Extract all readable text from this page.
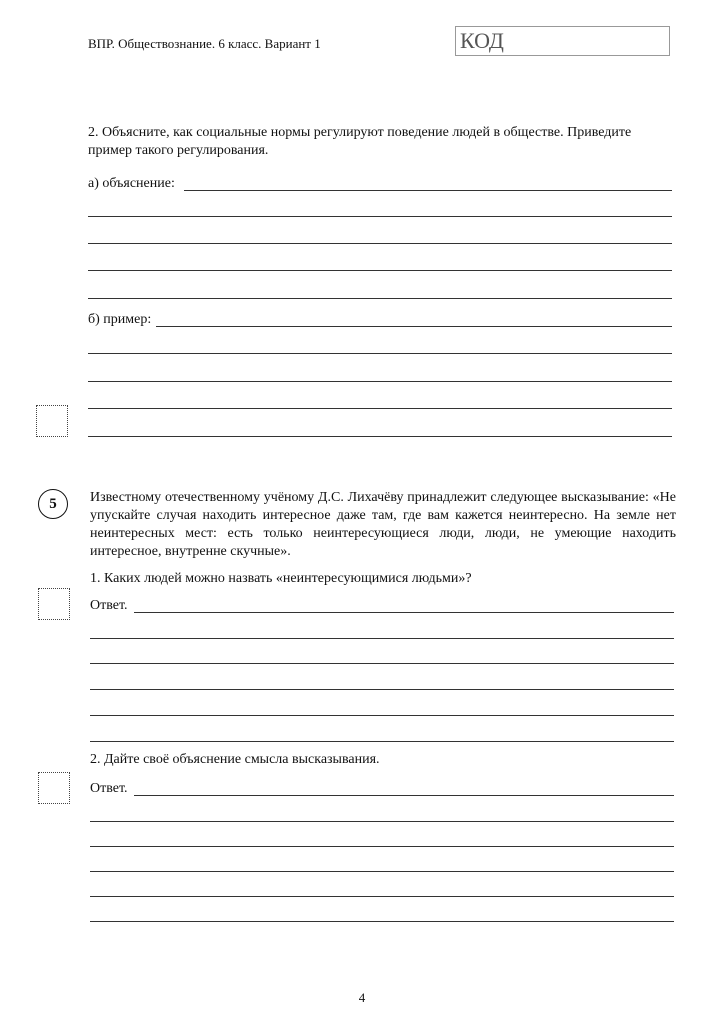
ВПР. Обществознание. 6 класс. Вариант 1	КОД
2. Объясните, как социальные нормы регулируют поведение людей в обществе. Приведите пример такого регулирования.
а) объяснение:
б) пример:
5	Известному отечественному учёному Д.С. Лихачёву принадлежит следующее высказывание: «Не упускайте случая находить интересное даже там, где вам кажется неинтересно. На земле нет неинтересных мест: есть только неинтересующиеся люди, люди, не умеющие находить интересное, внутренне скучные».
1. Каких людей можно назвать «неинтересующимися людьми»?
Ответ.
2. Дайте своё объяснение смысла высказывания.
Ответ.
4
